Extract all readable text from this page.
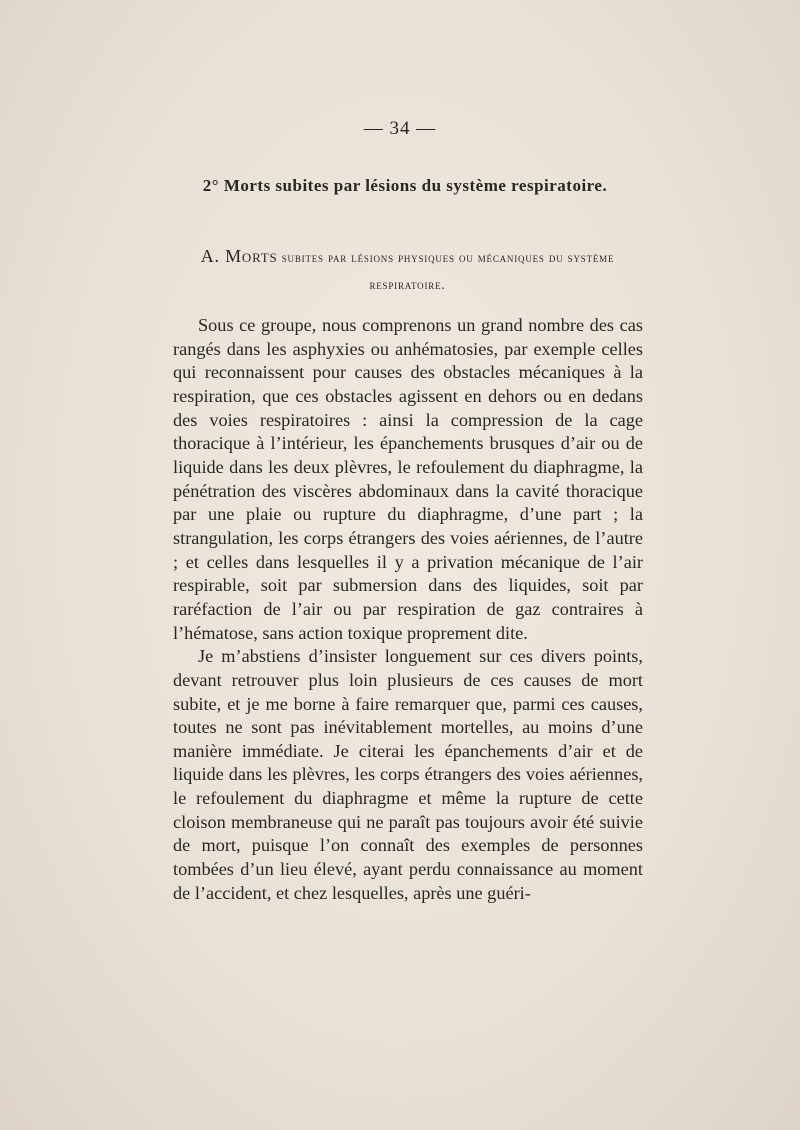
— 34 —
2° Morts subites par lésions du système respiratoire.
A. Morts subites par lésions physiques ou mécaniques du système respiratoire.

Sous ce groupe, nous comprenons un grand nombre des cas rangés dans les asphyxies ou anhématosies, par exemple celles qui reconnaissent pour causes des obstacles mécaniques à la respiration, que ces obstacles agissent en dehors ou en dedans des voies respiratoires : ainsi la compression de la cage thoracique à l’intérieur, les épanchements brusques d’air ou de liquide dans les deux plèvres, le refoulement du diaphragme, la pénétration des viscères abdominaux dans la cavité thoracique par une plaie ou rupture du diaphragme, d’une part ; la strangulation, les corps étrangers des voies aériennes, de l’autre ; et celles dans lesquelles il y a privation mécanique de l’air respirable, soit par submersion dans des liquides, soit par raréfaction de l’air ou par respiration de gaz contraires à l’hématose, sans action toxique proprement dite.

Je m’abstiens d’insister longuement sur ces divers points, devant retrouver plus loin plusieurs de ces causes de mort subite, et je me borne à faire remarquer que, parmi ces causes, toutes ne sont pas inévitablement mortelles, au moins d’une manière immédiate. Je citerai les épanchements d’air et de liquide dans les plèvres, les corps étrangers des voies aériennes, le refoulement du diaphragme et même la rupture de cette cloison membraneuse qui ne paraît pas toujours avoir été suivie de mort, puisque l’on connaît des exemples de personnes tombées d’un lieu élevé, ayant perdu connaissance au moment de l’accident, et chez lesquelles, après une guéri-
